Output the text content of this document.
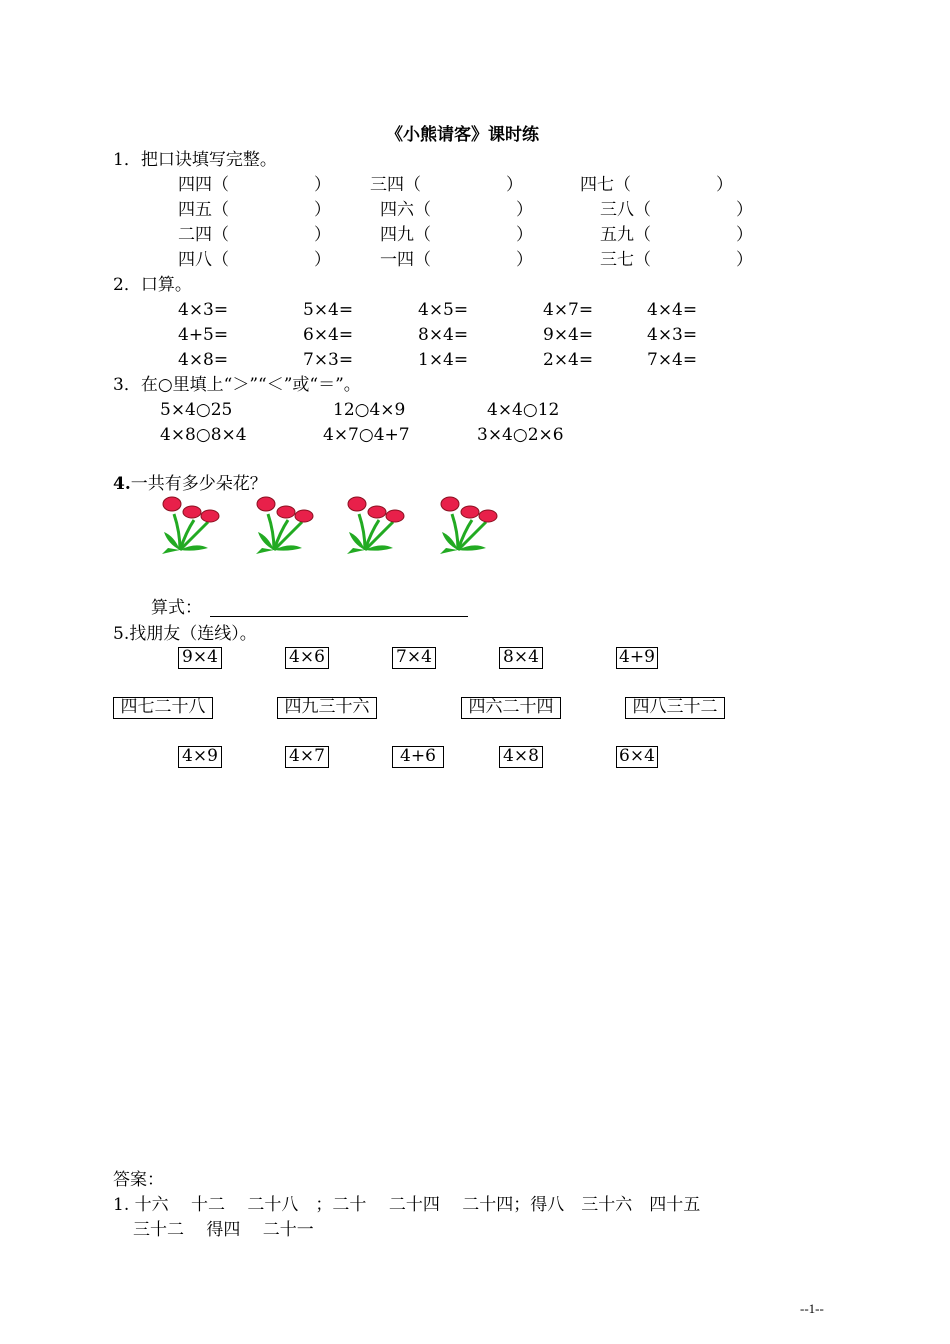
《小熊请客》课时练
1．把口诀填写完整。
四四（　　　　　） 三四（　　　　　）	四七（　　　　　）
四五（　　　　　）	四六（　　　　　）	三八（　　　　　）
二四（　　　　　）	四九（　　　　　）	五九（　　　　　）
四八（　　　　　）	一四（　　　　　）	三七（　　　　　）
2．口算。
4×3=	5×4=	4×5=	4×7=	4×4=
4+5=	6×4=	8×4=	9×4=	4×3=
4×8=	7×3=	1×4=	2×4=	7×4=
3．在○里填上“＞”“＜”或“＝”。
5×4○25	12○4×9	4×4○12
4×8○8×4	4×7○4+7	3×4○2×6
4.一共有多少朵花？
算式：
5.找朋友（连线）。
9×4	4×6	7×4	8×4	4+9
四七二十八	四九三十六	四六二十四	四八三十二
4×9	4×7	4+6	4×8	6×4
答案：
1. 十六　 十二　 二十八　；二十　 二十四　 二十四；得八　三十六　四十五
三十二　 得四　 二十一
--1--
